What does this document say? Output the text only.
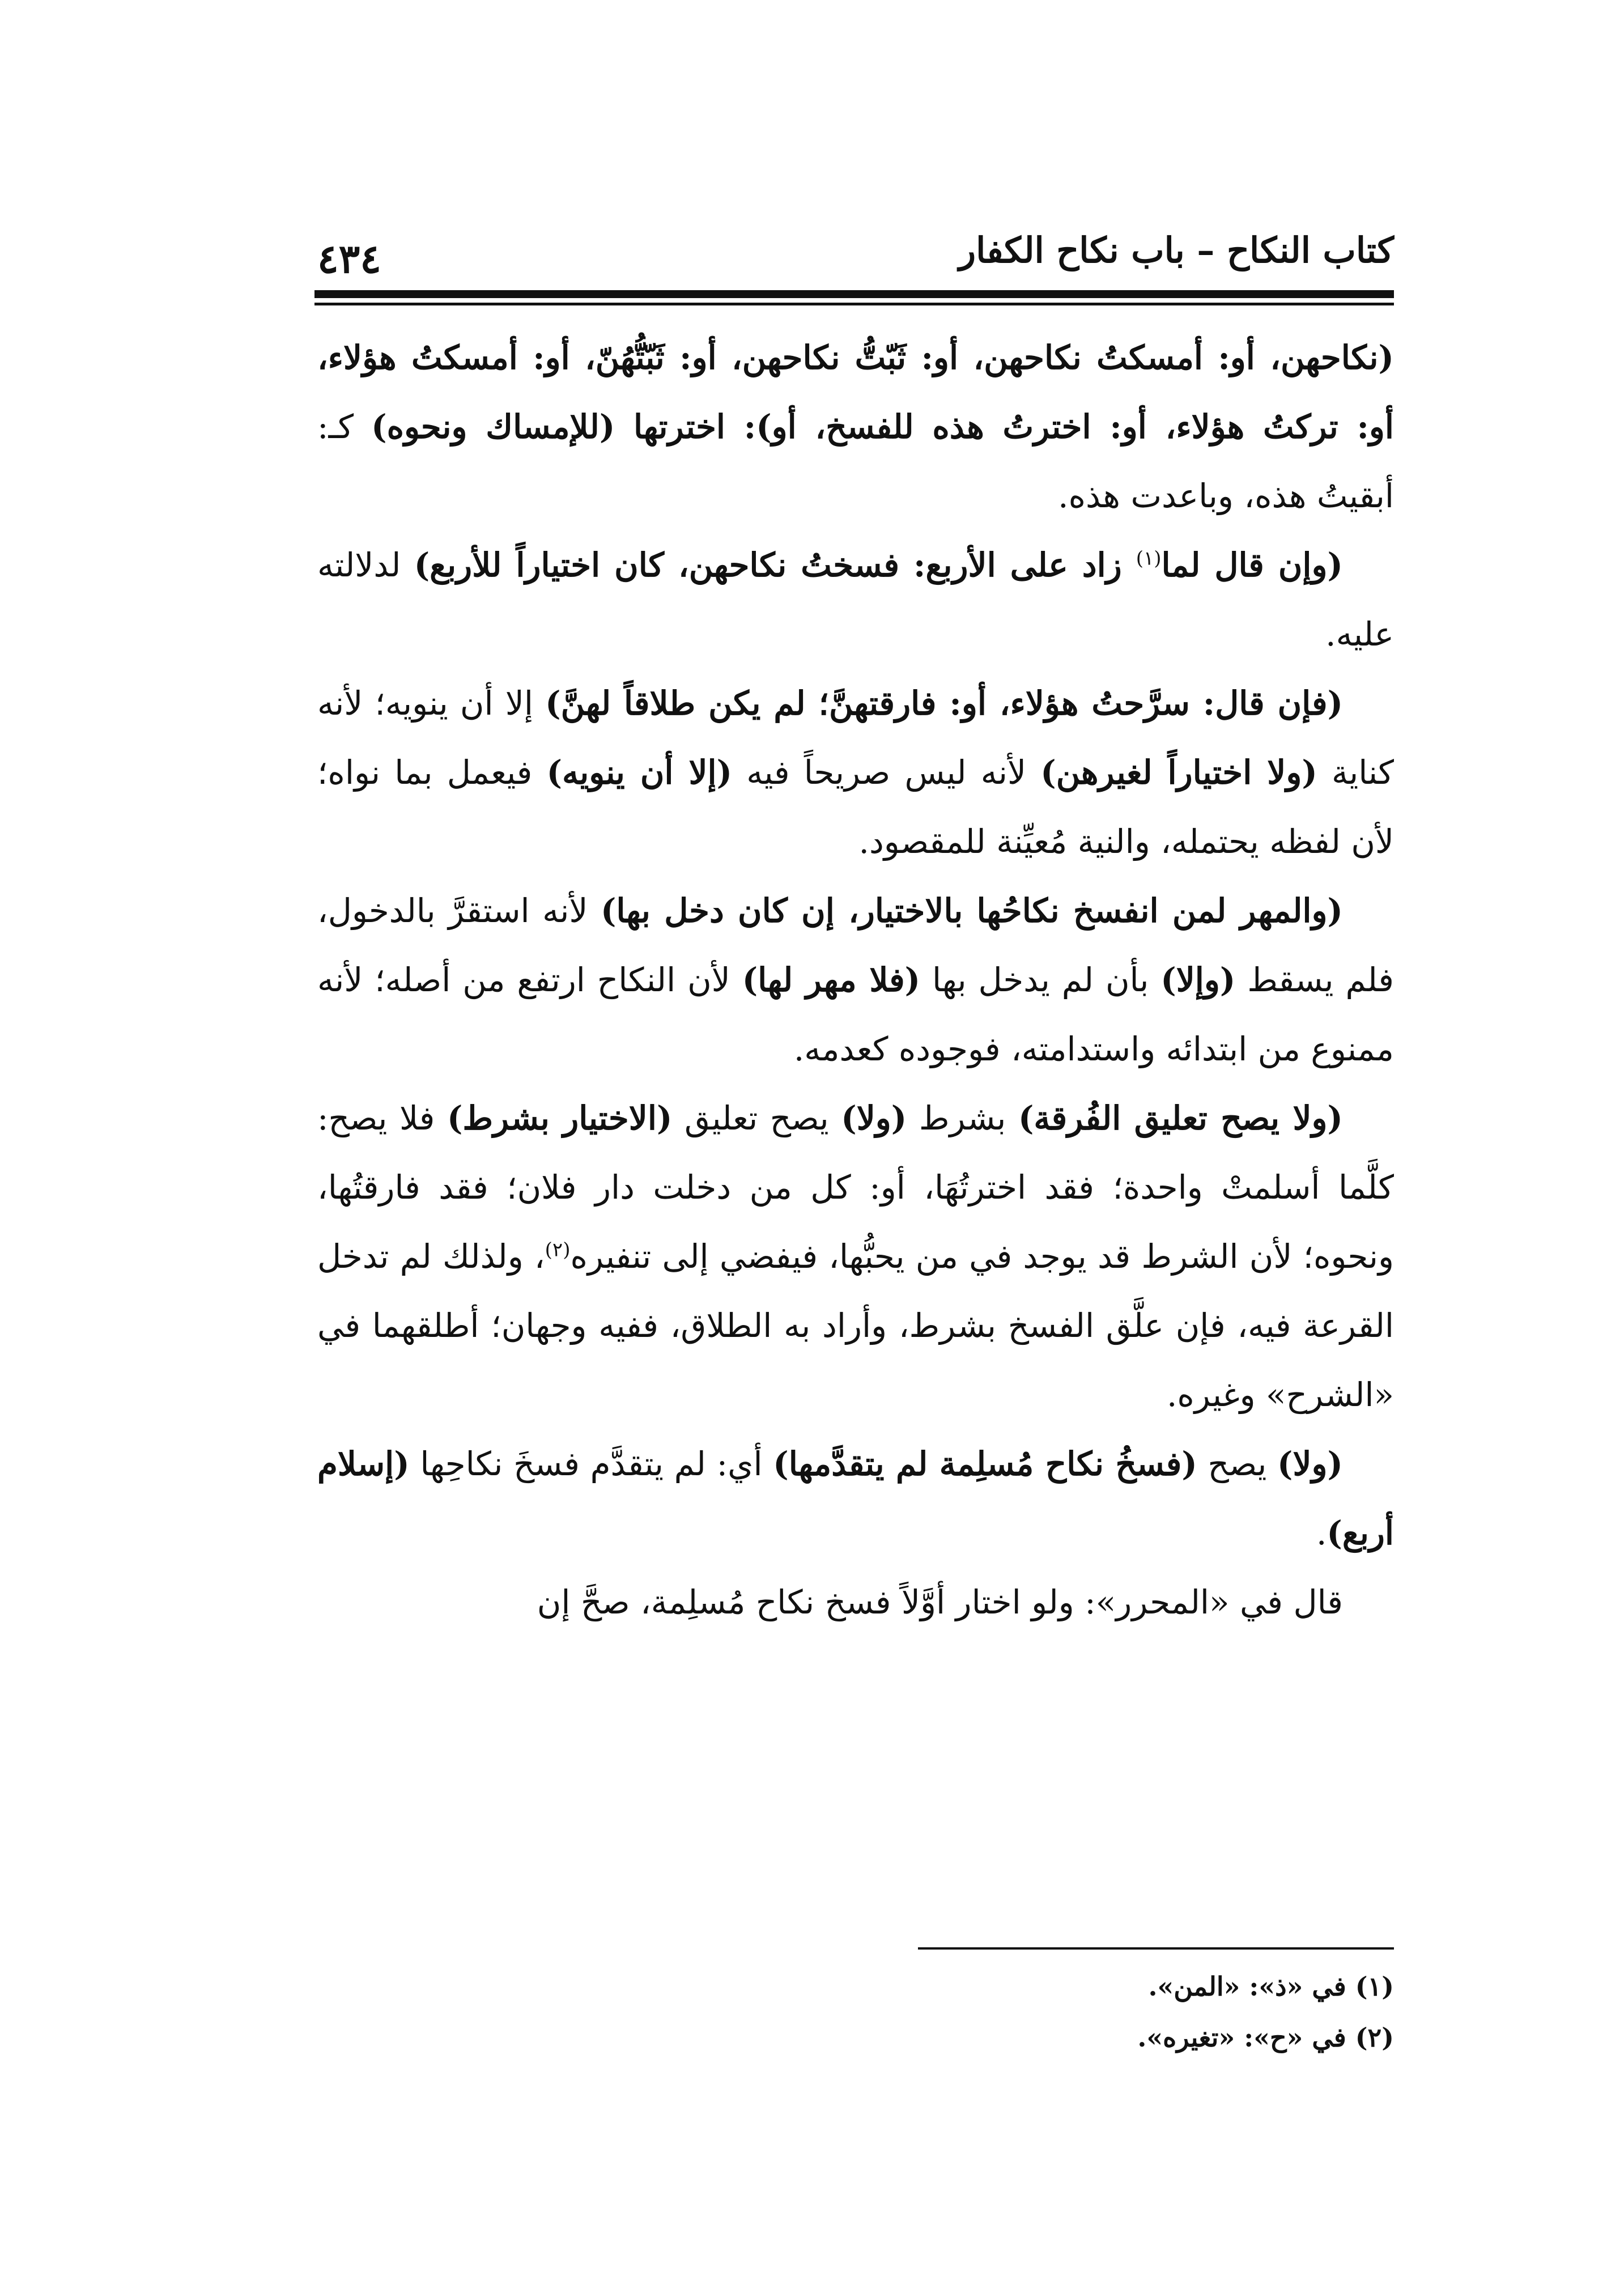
٤٣٤	كتاب النكاح – باب نكاح الكفار

(نكاحهن، أو: أمسكتُ نكاحهن، أو: ثَبّتُّ نكاحهن، أو: ثَبّتُّهُنّ، أو: أمسكتُ هؤلاء، أو: تركتُ هؤلاء، أو: اخترتُ هذه للفسخ، أو): اخترتها (للإمساك ونحوه) كـ: أبقيتُ هذه، وباعدت هذه.

(وإن قال لما$^{(١)}$ زاد على الأربع: فسختُ نكاحهن، كان اختياراً للأربع) لدلالته عليه.

(فإن قال: سرَّحتُ هؤلاء، أو: فارقتهنَّ؛ لم يكن طلاقاً لهنَّ) إلا أن ينويه؛ لأنه كناية (ولا اختياراً لغيرهن) لأنه ليس صريحاً فيه (إلا أن ينويه) فيعمل بما نواه؛ لأن لفظه يحتمله، والنية مُعيِّنة للمقصود.

(والمهر لمن انفسخ نكاحُها بالاختيار، إن كان دخل بها) لأنه استقرَّ بالدخول، فلم يسقط (وإلا) بأن لم يدخل بها (فلا مهر لها) لأن النكاح ارتفع من أصله؛ لأنه ممنوع من ابتدائه واستدامته، فوجوده كعدمه.

(ولا يصح تعليق الفُرقة) بشرط (ولا) يصح تعليق (الاختيار بشرط) فلا يصح: كلَّما أسلمتْ واحدة؛ فقد اخترتُهَا، أو: كل من دخلت دار فلان؛ فقد فارقتُها، ونحوه؛ لأن الشرط قد يوجد في من يحبُّها، فيفضي إلى تنفيره$^{(٢)}$، ولذلك لم تدخل القرعة فيه، فإن علَّق الفسخ بشرط، وأراد به الطلاق، ففيه وجهان؛ أطلقهما في «الشرح» وغيره.

(ولا) يصح (فسخُ نكاح مُسلِمة لم يتقدَّمها) أي: لم يتقدَّم فسخَ نكاحِها (إسلام أربع).

قال في «المحرر»: ولو اختار أوَّلاً فسخ نكاح مُسلِمة، صحَّ إن

(١) في «ذ»: «المن».
(٢) في «ح»: «تغيره».
